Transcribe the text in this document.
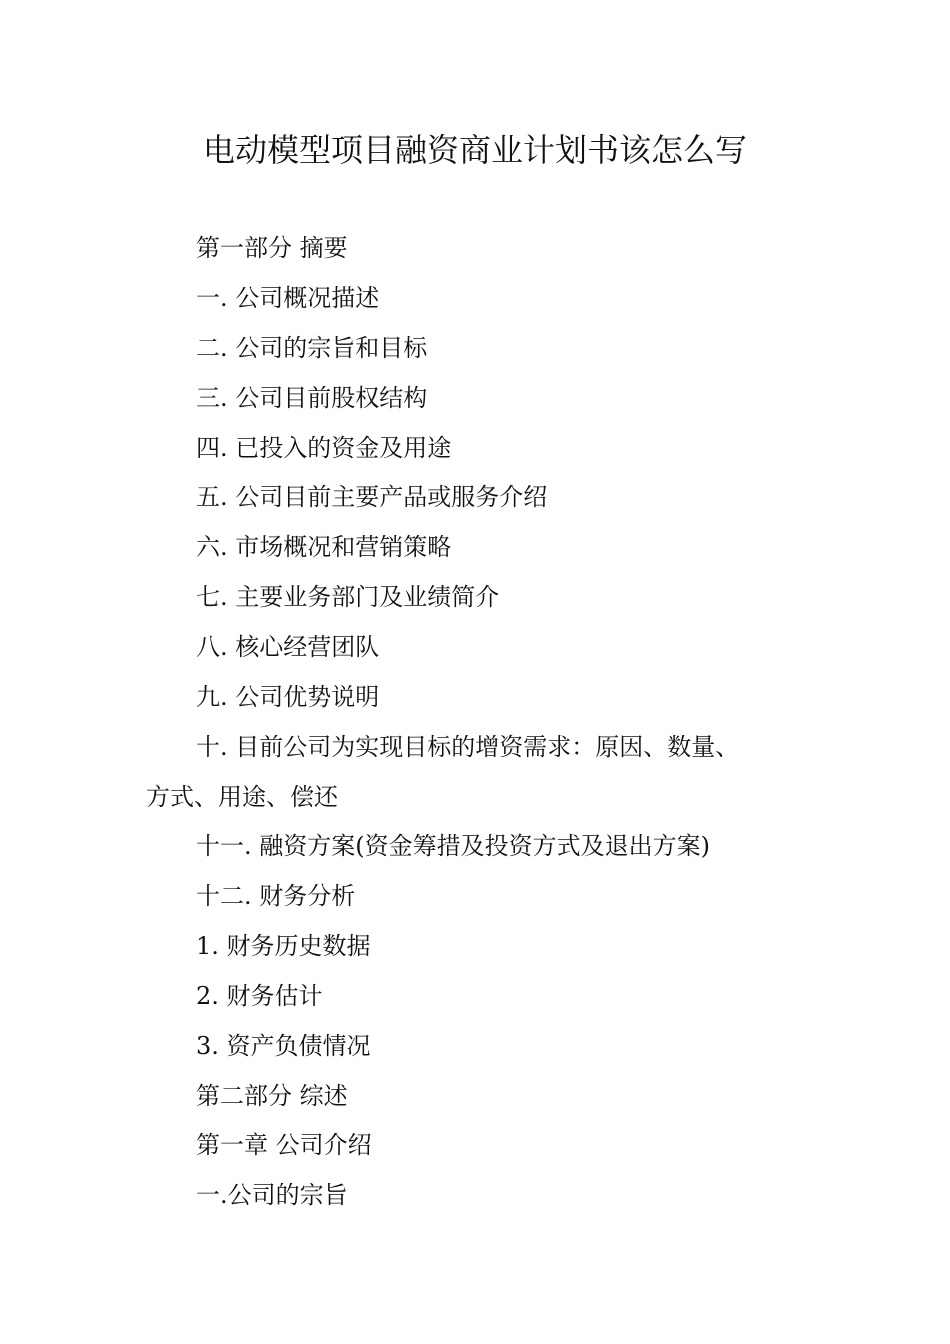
电动模型项目融资商业计划书该怎么写
第一部分 摘要
一. 公司概况描述
二. 公司的宗旨和目标
三. 公司目前股权结构
四. 已投入的资金及用途
五. 公司目前主要产品或服务介绍
六. 市场概况和营销策略
七. 主要业务部门及业绩简介
八. 核心经营团队
九. 公司优势说明
十. 目前公司为实现目标的增资需求：原因、数量、
方式、用途、偿还
十一. 融资方案(资金筹措及投资方式及退出方案)
十二. 财务分析
1. 财务历史数据
2. 财务估计
3. 资产负债情况
第二部分 综述
第一章 公司介绍
一.公司的宗旨
